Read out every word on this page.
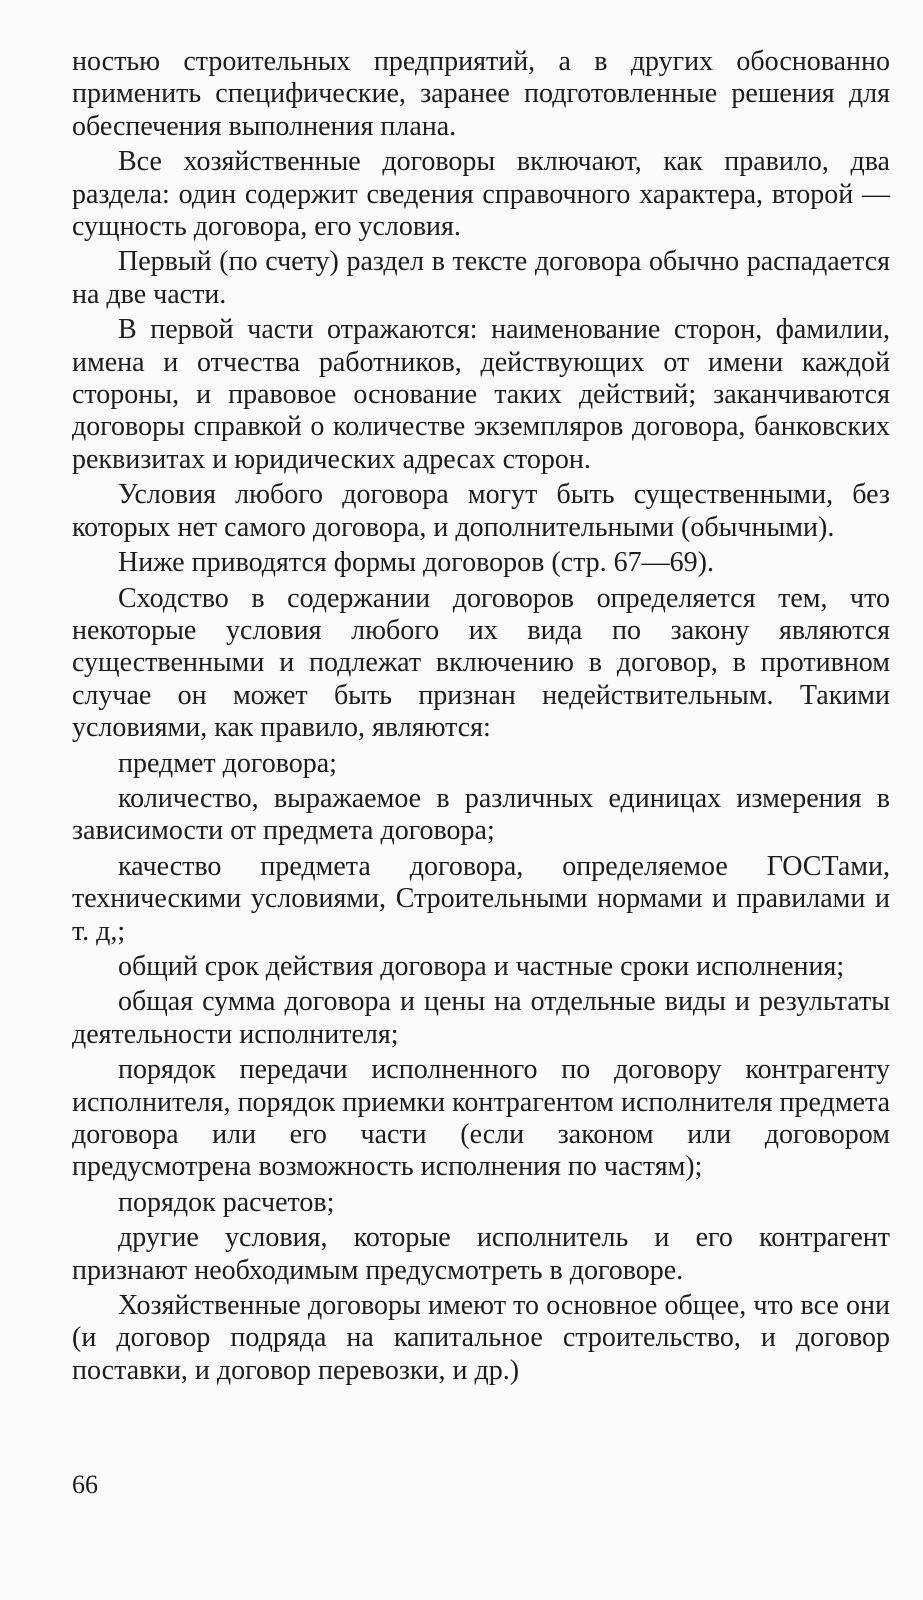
ностью строительных предприятий, а в других обоснованно применить специфические, заранее подготовленные решения для обеспечения выполнения плана.

Все хозяйственные договоры включают, как правило, два раздела: один содержит сведения справочного характера, второй — сущность договора, его условия.

Первый (по счету) раздел в тексте договора обычно распадается на две части.

В первой части отражаются: наименование сторон, фамилии, имена и отчества работников, действующих от имени каждой стороны, и правовое основание таких действий; заканчиваются договоры справкой о количестве экземпляров договора, банковских реквизитах и юридических адресах сторон.

Условия любого договора могут быть существенными, без которых нет самого договора, и дополнительными (обычными).

Ниже приводятся формы договоров (стр. 67—69).

Сходство в содержании договоров определяется тем, что некоторые условия любого их вида по закону являются существенными и подлежат включению в договор, в противном случае он может быть признан недействительным. Такими условиями, как правило, являются:

предмет договора;

количество, выражаемое в различных единицах измерения в зависимости от предмета договора;

качество предмета договора, определяемое ГОСТами, техническими условиями, Строительными нормами и правилами и т. д,;

общий срок действия договора и частные сроки исполнения;

общая сумма договора и цены на отдельные виды и результаты деятельности исполнителя;

порядок передачи исполненного по договору контрагенту исполнителя, порядок приемки контрагентом исполнителя предмета договора или его части (если законом или договором предусмотрена возможность исполнения по частям);

порядок расчетов;

другие условия, которые исполнитель и его контрагент признают необходимым предусмотреть в договоре.

Хозяйственные договоры имеют то основное общее, что все они (и договор подряда на капитальное строительство, и договор поставки, и договор перевозки, и др.)

66
